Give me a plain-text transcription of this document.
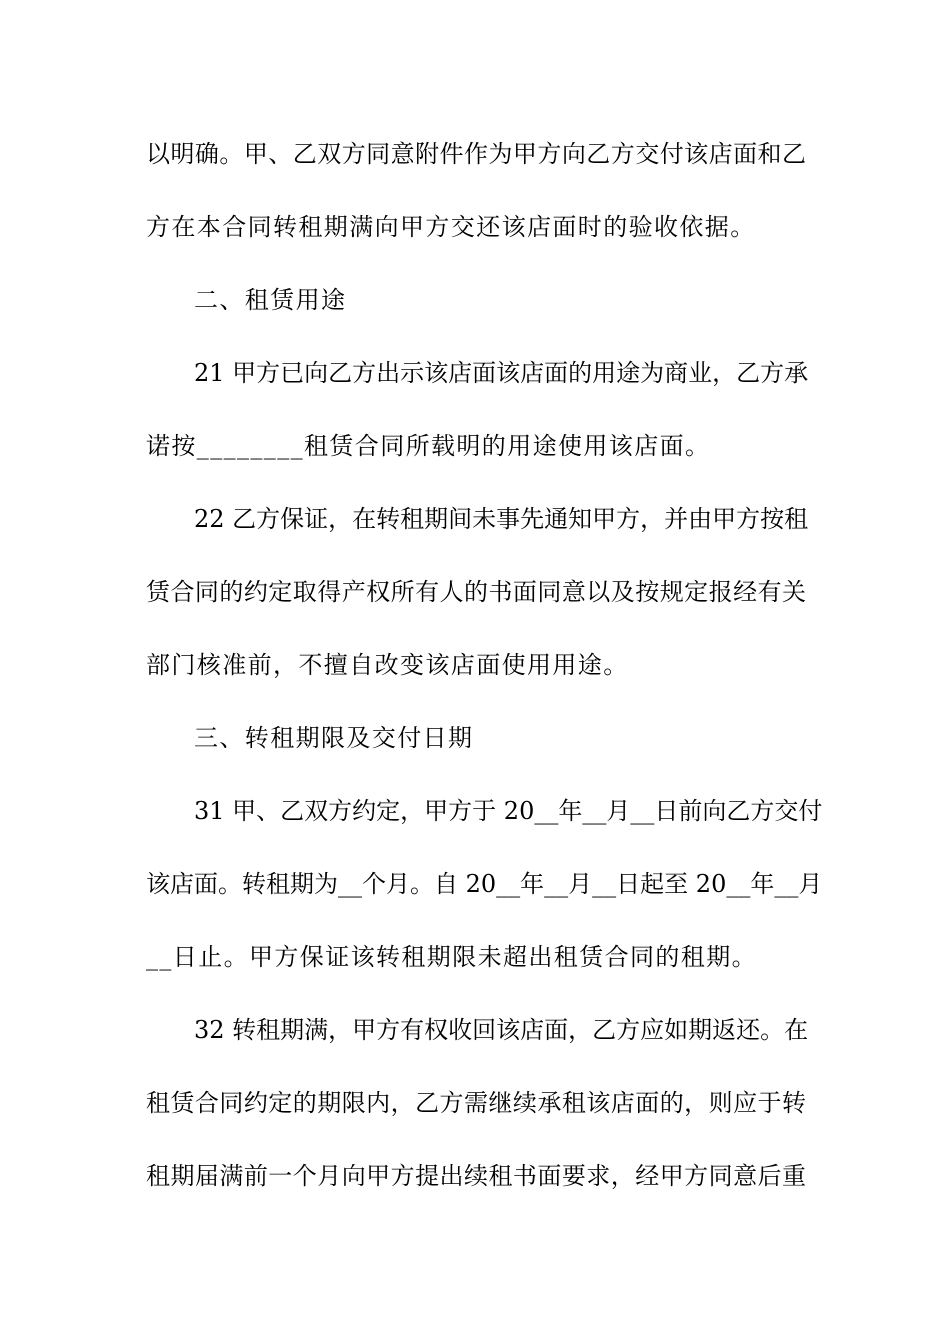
以明确。甲、乙双方同意附件作为甲方向乙方交付该店面和乙
方在本合同转租期满向甲方交还该店面时的验收依据。
二、租赁用途
21 甲方已向乙方出示该店面该店面的用途为商业，乙方承
诺按________租赁合同所载明的用途使用该店面。
22 乙方保证，在转租期间未事先通知甲方，并由甲方按租
赁合同的约定取得产权所有人的书面同意以及按规定报经有关
部门核准前，不擅自改变该店面使用用途。
三、转租期限及交付日期
31 甲、乙双方约定，甲方于 20__年__月__日前向乙方交付
该店面。转租期为__个月。自 20__年__月__日起至 20__年__月
__日止。甲方保证该转租期限未超出租赁合同的租期。
32 转租期满，甲方有权收回该店面，乙方应如期返还。在
租赁合同约定的期限内，乙方需继续承租该店面的，则应于转
租期届满前一个月向甲方提出续租书面要求，经甲方同意后重
